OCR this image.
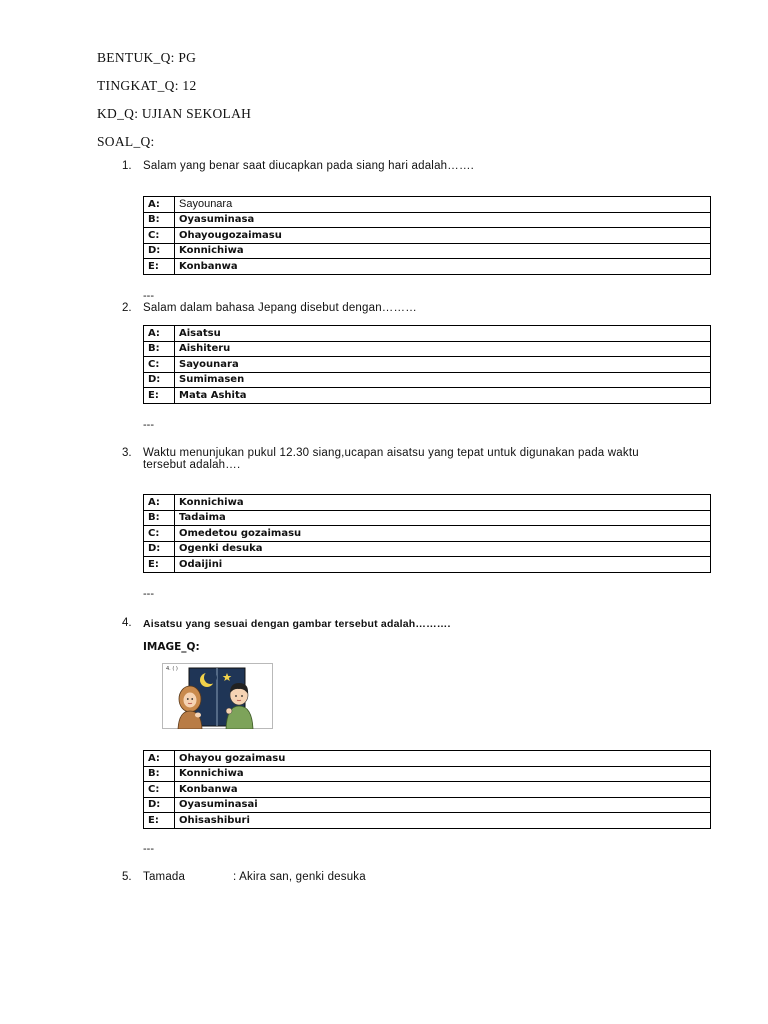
BENTUK_Q: PG
TINGKAT_Q: 12
KD_Q: UJIAN SEKOLAH
SOAL_Q:
1. Salam yang benar saat diucapkan pada siang hari adalah…….
A:	Sayounara
B:	Oyasuminasa
C:	Ohayougozaimasu
D:	Konnichiwa
E:	Konbanwa
---
2. Salam dalam bahasa Jepang disebut dengan………
A:	Aisatsu
B:	Aishiteru
C:	Sayounara
D:	Sumimasen
E:	Mata Ashita
---
3. Waktu menunjukan pukul 12.30 siang,ucapan aisatsu yang tepat untuk digunakan pada waktu
tersebut adalah….
A:	Konnichiwa
B:	Tadaima
C:	Omedetou gozaimasu
D:	Ogenki desuka
E:	Odaijini
---
4. Aisatsu yang sesuai dengan gambar tersebut adalah……….
IMAGE_Q:
4. ( )
A:	Ohayou gozaimasu
B:	Konnichiwa
C:	Konbanwa
D:	Oyasuminasai
E:	Ohisashiburi
---
5. Tamada	: Akira san, genki desuka
